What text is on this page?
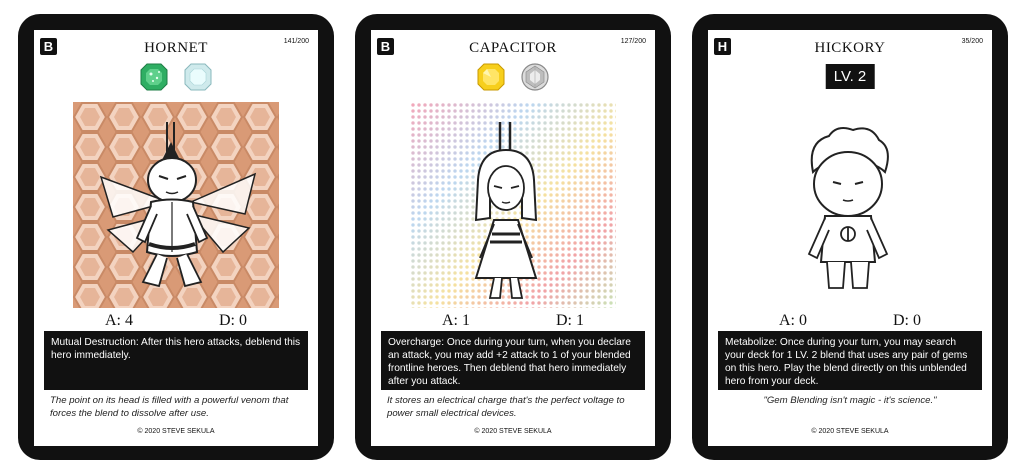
B	141/200
HORNET
A: 4	D: 0
Mutual Destruction: After this hero attacks, deblend this hero immediately.
The point on its head is filled with a powerful venom that forces the blend to dissolve after use.
© 2020 STEVE SEKULA
B	127/200
CAPACITOR
A: 1	D: 1
Overcharge: Once during your turn, when you declare an attack, you may add +2 attack to 1 of your blended frontline heroes. Then deblend that hero immediately after you attack.
It stores an electrical charge that's the perfect voltage to power small electrical devices.
© 2020 STEVE SEKULA
H	35/200
HICKORY
LV. 2
A: 0	D: 0
Metabolize: Once during your turn, you may search your deck for 1 LV. 2 blend that uses any pair of gems on this hero. Play the blend directly on this unblended hero from your deck.
"Gem Blending isn't magic - it's science."
© 2020 STEVE SEKULA
